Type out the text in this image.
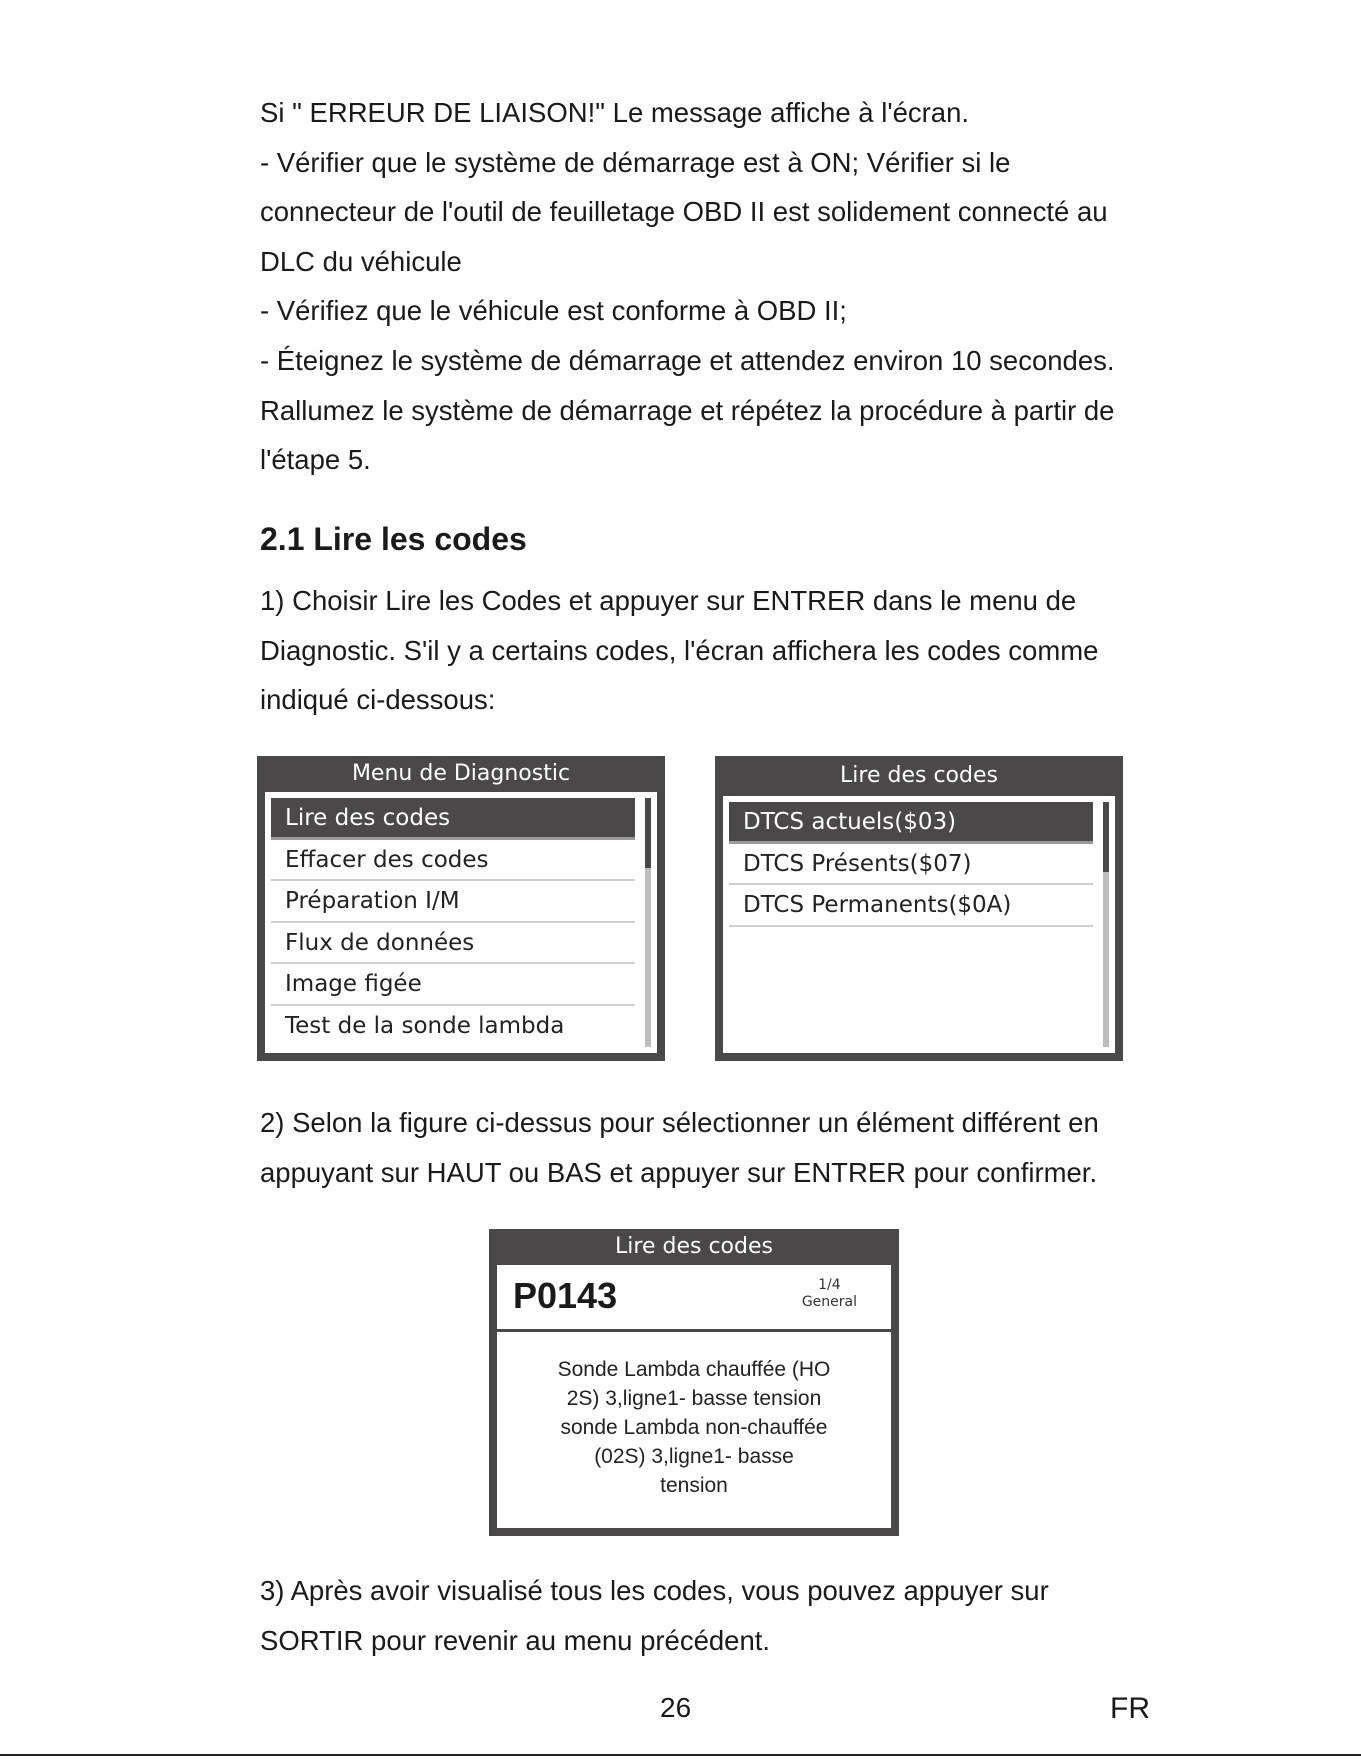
Si " ERREUR DE LIAISON!" Le message affiche à l'écran.
- Vérifier que le système de démarrage est à ON; Vérifier si le
connecteur de l'outil de feuilletage OBD II est solidement connecté au
DLC du véhicule
- Vérifiez que le véhicule est conforme à OBD II;
- Éteignez le système de démarrage et attendez environ 10 secondes.
Rallumez le système de démarrage et répétez la procédure à partir de
l'étape 5.

2.1 Lire les codes

1) Choisir Lire les Codes et appuyer sur ENTRER dans le menu de
Diagnostic. S'il y a certains codes, l'écran affichera les codes comme
indiqué ci-dessous:

Menu de Diagnostic
Lire des codes
Effacer des codes
Préparation I/M
Flux de données
Image figée
Test de la sonde lambda
Lire des codes
DTCS actuels($03)
DTCS Présents($07)
DTCS Permanents($0A)

2) Selon la figure ci-dessus pour sélectionner un élément différent en
appuyant sur HAUT ou BAS et appuyer sur ENTRER pour confirmer.

Lire des codes
P0143	1/4
General
Sonde Lambda chauffée (HO
2S) 3,ligne1- basse tension
sonde Lambda non-chauffée
(02S) 3,ligne1- basse
tension

3) Après avoir visualisé tous les codes, vous pouvez appuyer sur
SORTIR pour revenir au menu précédent.

26	FR
